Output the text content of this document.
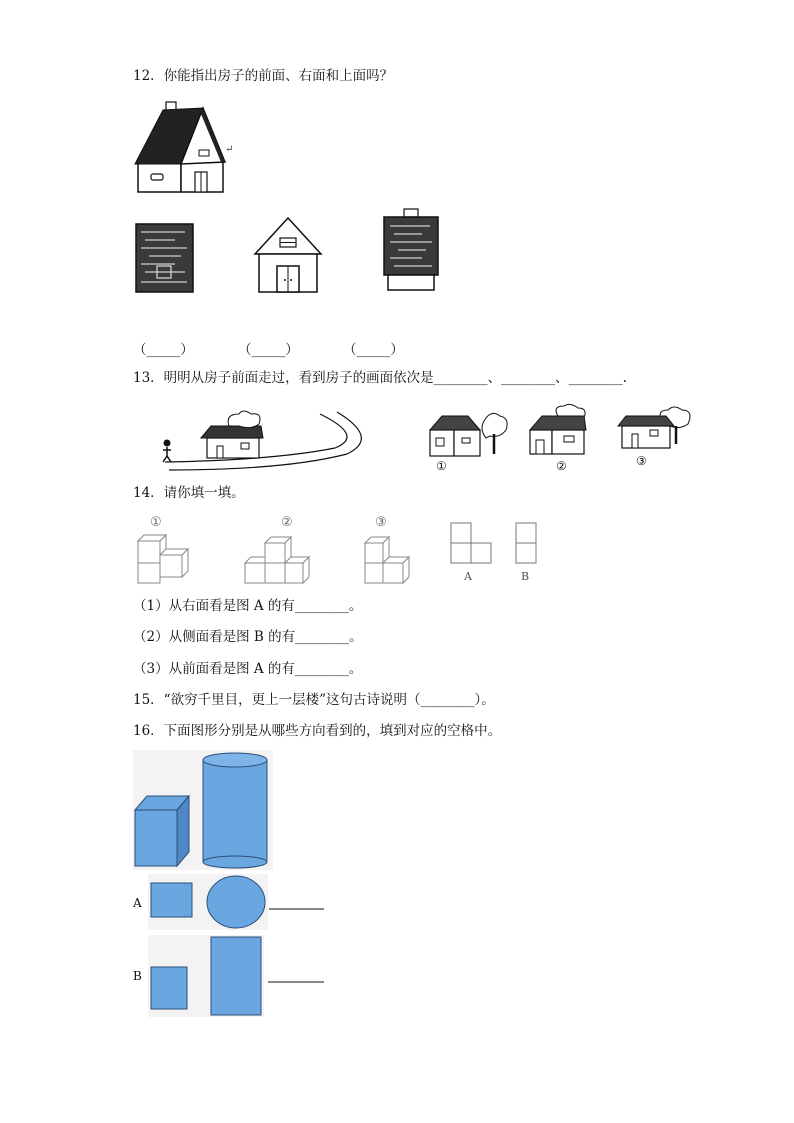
12．你能指出房子的前面、右面和上面吗？
↵
（_____）	（_____）	（_____）
13．明明从房子前面走过，看到房子的画面依次是________、________、________.
①	②	③
14．请你填一填。
①	②	③
A	B
（1）从右面看是图 A 的有________。
（2）从侧面看是图 B 的有________。
（3）从前面看是图 A 的有________。
15．“欲穷千里目，更上一层楼”这句古诗说明（________）。
16．下面图形分别是从哪些方向看到的，填到对应的空格中。
A
B
